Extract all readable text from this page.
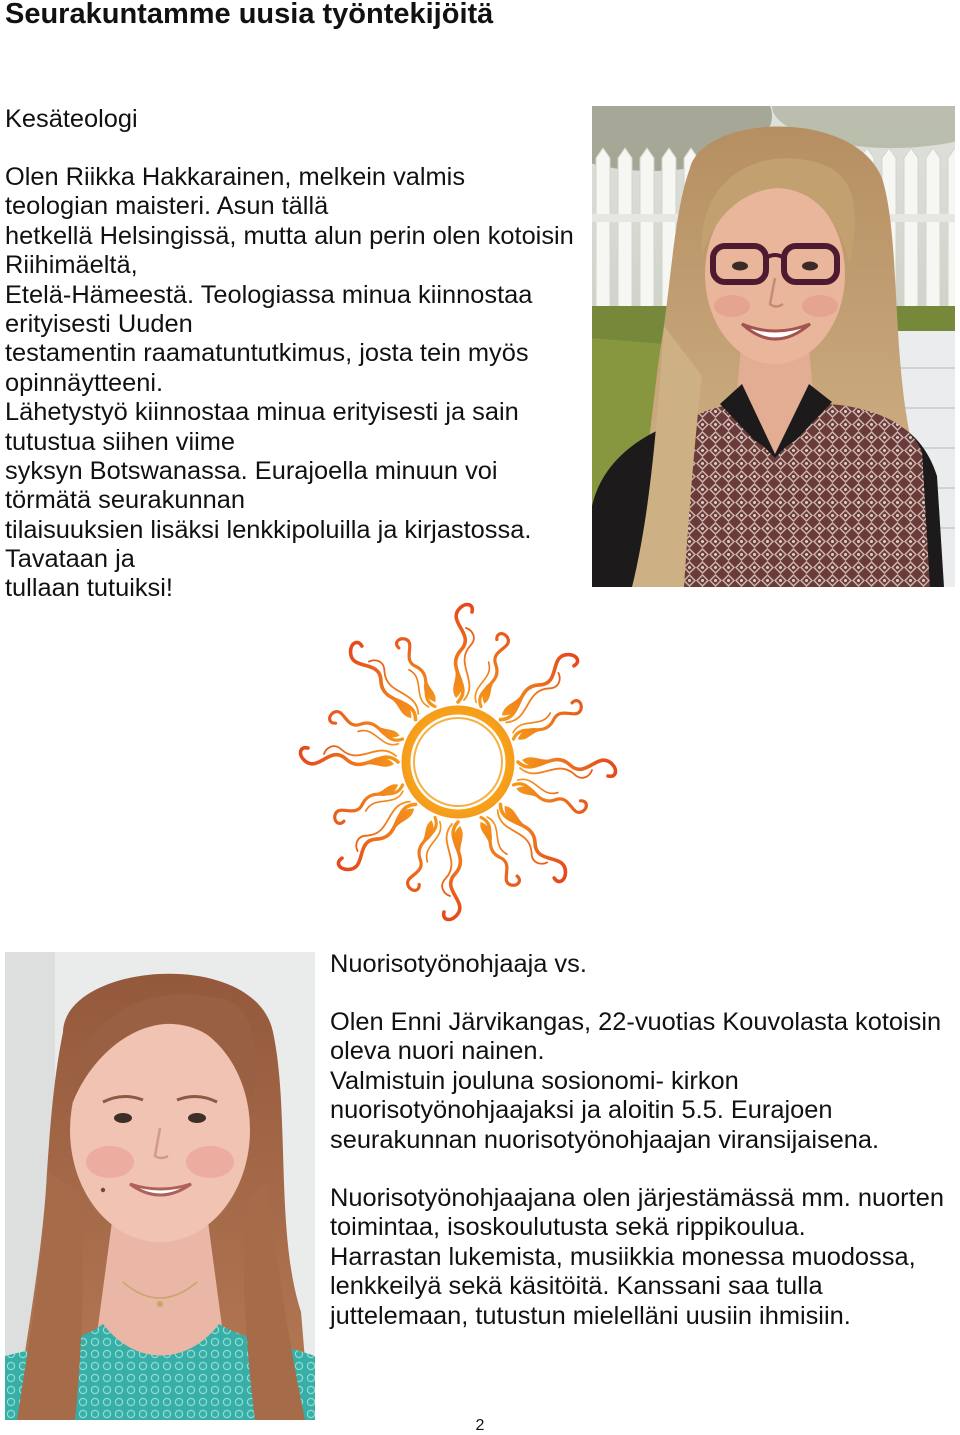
Seurakuntamme uusia työntekijöitä
Kesäteologi
Olen Riikka Hakkarainen, melkein valmis
teologian maisteri. Asun tällä
hetkellä Helsingissä, mutta alun perin olen kotoisin
Riihimäeltä,
Etelä-Hämeestä. Teologiassa minua kiinnostaa
erityisesti Uuden
testamentin raamatuntutkimus, josta tein myös
opinnäytteeni.
Lähetystyö kiinnostaa minua erityisesti ja sain
tutustua siihen viime
syksyn Botswanassa. Eurajoella minuun voi
törmätä seurakunnan
tilaisuuksien lisäksi lenkkipoluilla ja kirjastossa.
Tavataan ja
tullaan tutuiksi!
Nuorisotyönohjaaja vs.
Olen Enni Järvikangas, 22-vuotias Kouvolasta kotoisin
oleva nuori nainen.
Valmistuin jouluna sosionomi- kirkon
nuorisotyönohjaajaksi ja aloitin 5.5. Eurajoen
seurakunnan nuorisotyönohjaajan viransijaisena.
Nuorisotyönohjaajana olen järjestämässä mm. nuorten
toimintaa, isoskoulutusta sekä rippikoulua.
Harrastan lukemista, musiikkia monessa muodossa,
lenkkeilyä sekä käsitöitä. Kanssani saa tulla
juttelemaan, tutustun mielelläni uusiin ihmisiin.
2
